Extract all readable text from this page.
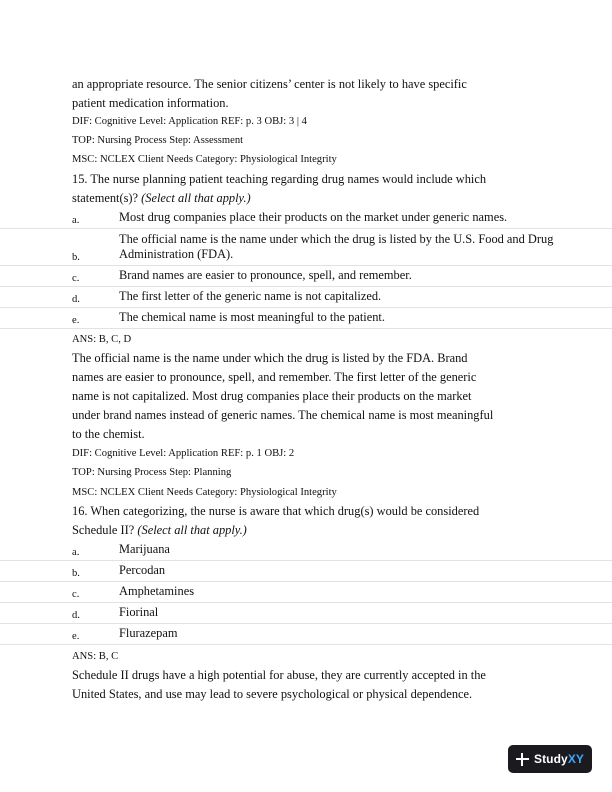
an appropriate resource. The senior citizens’ center is not likely to have specific
patient medication information.
DIF: Cognitive Level: Application REF: p. 3 OBJ: 3 | 4
TOP: Nursing Process Step: Assessment
MSC: NCLEX Client Needs Category: Physiological Integrity
15. The nurse planning patient teaching regarding drug names would include which
statement(s)? (Select all that apply.)
a.	Most drug companies place their products on the market under generic names.
b.
The official name is the name under which the drug is listed by the U.S. Food and Drug
Administration (FDA).
c.	Brand names are easier to pronounce, spell, and remember.
d.	The first letter of the generic name is not capitalized.
e.	The chemical name is most meaningful to the patient.
ANS: B, C, D
The official name is the name under which the drug is listed by the FDA. Brand
names are easier to pronounce, spell, and remember. The first letter of the generic
name is not capitalized. Most drug companies place their products on the market
under brand names instead of generic names. The chemical name is most meaningful
to the chemist.
DIF: Cognitive Level: Application REF: p. 1 OBJ: 2
TOP: Nursing Process Step: Planning
MSC: NCLEX Client Needs Category: Physiological Integrity
16. When categorizing, the nurse is aware that which drug(s) would be considered
Schedule II? (Select all that apply.)
a.	Marijuana
b.	Percodan
c.	Amphetamines
d.	Fiorinal
e.	Flurazepam
ANS: B, C
Schedule II drugs have a high potential for abuse, they are currently accepted in the
United States, and use may lead to severe psychological or physical dependence.
StudyXY
